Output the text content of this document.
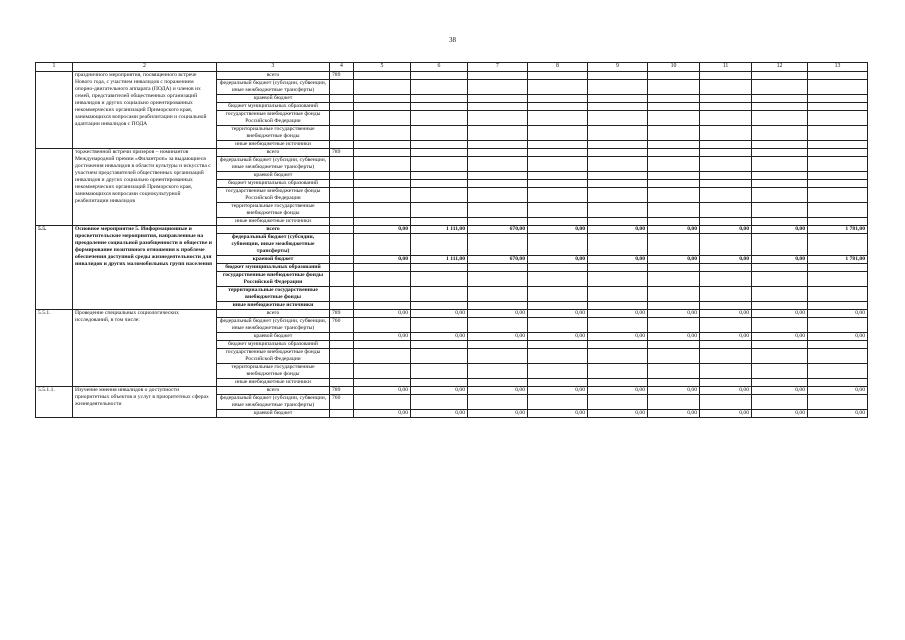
38
1	2	3	4	5	6	7	8	9	10	11	12	13
	праздничного мероприятия, посвященного встрече Нового года, с участием инвалидов с поражением опорно-двигательного аппарата (ПОДА) и членов их семей, представителей общественных организаций инвалидов и других социально ориентированных некоммерческих организаций Приморского края, занимающихся вопросами реабилитации и социальной адаптации инвалидов с ПОДА	всего	789									
		федеральный бюджет (субсидии, субвенции, иные межбюджетные трансферты)										
		краевой бюджет										
		бюджет муниципальных образований										
		государственные внебюджетные фонды Российской Федерации										
		территориальные государственные внебюджетные фонды										
		иные внебюджетные источники										
	торжественной встречи призеров – номинантов Международной премии «Филантроп» за выдающиеся достижения инвалидов в области культуры и искусства с участием представителей общественных организаций инвалидов и других социально ориентированных некоммерческих организаций Приморского края, занимающихся вопросами социокультурной реабилитации инвалидов	всего	789									
		федеральный бюджет (субсидии, субвенции, иные межбюджетные трансферты)										
		краевой бюджет										
		бюджет муниципальных образований										
		государственные внебюджетные фонды Российской Федерации										
		территориальные государственные внебюджетные фонды										
		иные внебюджетные источники										
5.5.	Основное мероприятие 5. Информационные и просветительские мероприятия, направленные на преодоление социальной разобщенности в обществе и формирование позитивного отношения к проблеме обеспечения доступной среды жизнедеятельности для инвалидов и других маломобильных групп населения	всего		0,00	1 111,00	670,00	0,00	0,00	0,00	0,00	0,00	1 781,00
		федеральный бюджет (субсидии, субвенции, иные межбюджетные трансферты)										
		краевой бюджет		0,00	1 111,00	670,00	0,00	0,00	0,00	0,00	0,00	1 781,00
		бюджет муниципальных образований										
		государственные внебюджетные фонды Российской Федерации										
		территориальные государственные внебюджетные фонды										
		иные внебюджетные источники										
5.5.1.	Проведение специальных социологических исследований, в том числе:	всего	789	0,00	0,00	0,00	0,00	0,00	0,00	0,00	0,00	0,00
		федеральный бюджет (субсидии, субвенции, иные межбюджетные трансферты)	760									
		краевой бюджет		0,00	0,00	0,00	0,00	0,00	0,00	0,00	0,00	0,00
		бюджет муниципальных образований										
		государственные внебюджетные фонды Российской Федерации										
		территориальные государственные внебюджетные фонды										
		иные внебюджетные источники										
5.5.1.1.	Изучение мнения инвалидов о доступности приоритетных объектов и услуг в приоритетных сферах жизнедеятельности	всего	789	0,00	0,00	0,00	0,00	0,00	0,00	0,00	0,00	0,00
		федеральный бюджет (субсидии, субвенции, иные межбюджетные трансферты)	760									
		краевой бюджет		0,00	0,00	0,00	0,00	0,00	0,00	0,00	0,00	0,00
